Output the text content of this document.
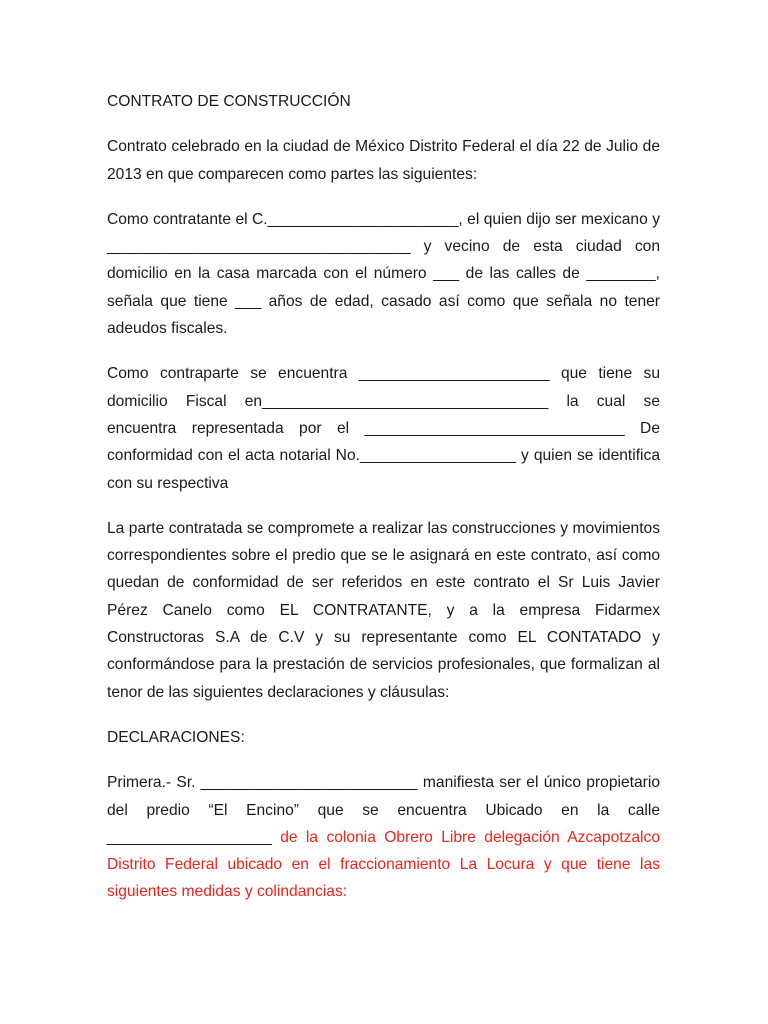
CONTRATO DE CONSTRUCCIÓN

Contrato celebrado en la ciudad de México Distrito Federal el día 22 de Julio de 2013 en que comparecen como partes las siguientes:

Como contratante el C.______________________, el quien dijo ser mexicano y ___________________________________ y vecino de esta ciudad con domicilio en la casa marcada con el número ___ de las calles de ________, señala que tiene ___ años de edad, casado así como que señala no tener adeudos fiscales.

Como contraparte se encuentra ______________________ que tiene su domicilio Fiscal en_________________________________ la cual se encuentra representada por el ______________________________ De conformidad con el acta notarial No.__________________ y quien se identifica con su respectiva

La parte contratada se compromete a realizar las construcciones y movimientos correspondientes sobre el predio que se le asignará en este contrato, así como quedan de conformidad de ser referidos en este contrato el Sr Luis Javier Pérez Canelo como EL CONTRATANTE, y a la empresa Fidarmex Constructoras S.A de C.V y su representante como EL CONTATADO y conformándose para la prestación de servicios profesionales, que formalizan al tenor de las siguientes declaraciones y cláusulas:

DECLARACIONES:

Primera.- Sr. _________________________ manifiesta ser el único propietario del predio “El Encino” que se encuentra Ubicado en la calle ___________________ de la colonia Obrero Libre delegación Azcapotzalco Distrito Federal ubicado en el fraccionamiento La Locura y que tiene las siguientes medidas y colindancias:
